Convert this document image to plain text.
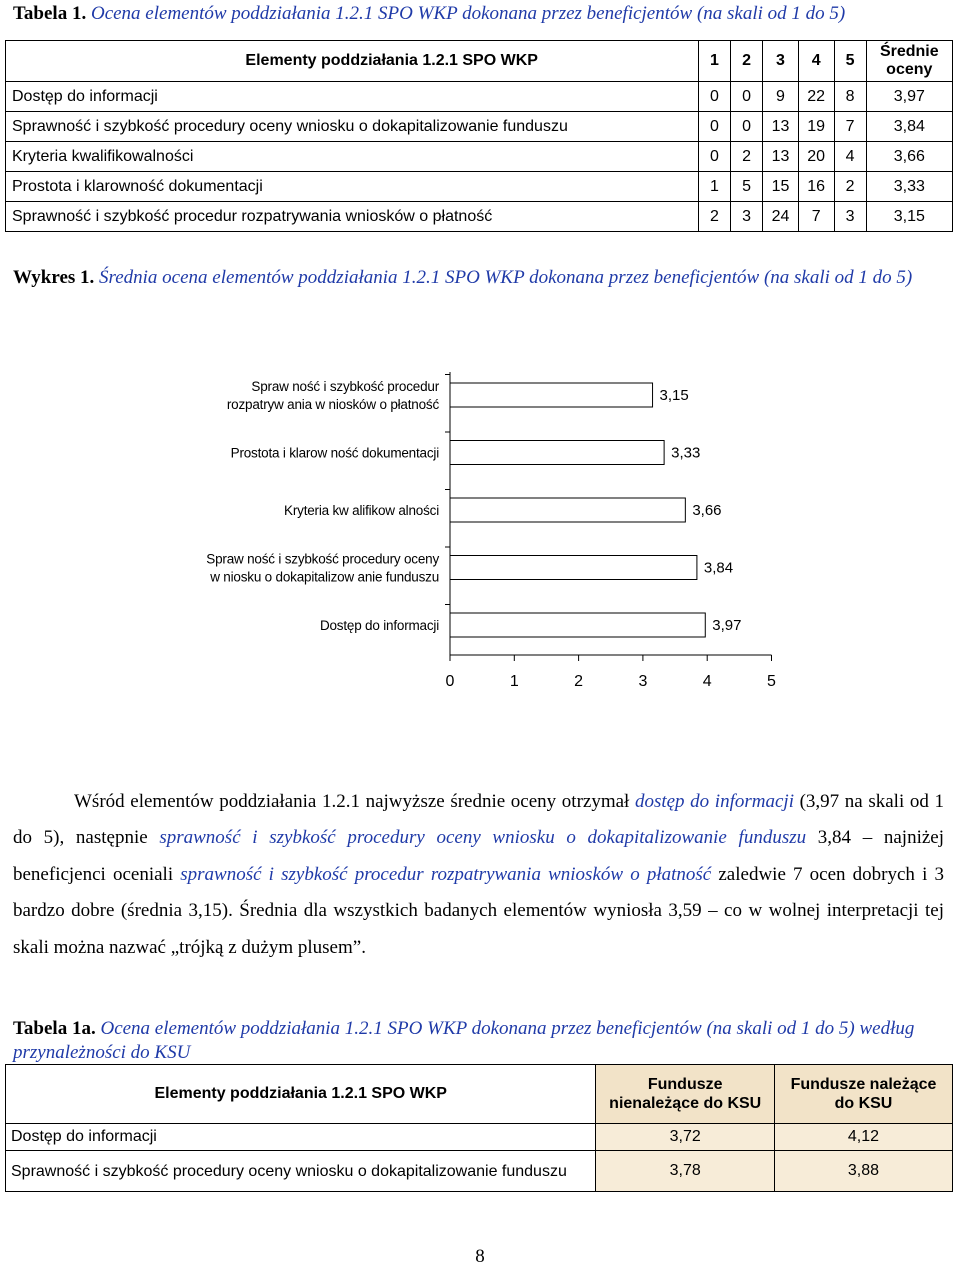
Tabela 1. Ocena elementów poddziałania 1.2.1 SPO WKP dokonana przez beneficjentów (na skali od 1 do 5)
Elementy poddziałania 1.2.1 SPO WKP	1	2	3	4	5	Średnie oceny
Dostęp do informacji	0	0	9	22	8	3,97
Sprawność i szybkość procedury oceny wniosku o dokapitalizowanie funduszu	0	0	13	19	7	3,84
Kryteria kwalifikowalności	0	2	13	20	4	3,66
Prostota i klarowność dokumentacji	1	5	15	16	2	3,33
Sprawność i szybkość procedur rozpatrywania wniosków o płatność	2	3	24	7	3	3,15
Wykres 1. Średnia ocena elementów poddziałania 1.2.1 SPO WKP dokonana przez beneficjentów (na skali od 1 do 5)
3,15
Spraw ność i szybkość procedur
rozpatryw ania w niosków o płatność
3,33
Prostota i klarow ność dokumentacji
3,66
Kryteria kw alifikow alności
3,84
Spraw ność i szybkość procedury oceny
w niosku o dokapitalizow anie funduszu
3,97
Dostęp do informacji
0	1	2	3	4	5
Wśród elementów poddziałania 1.2.1 najwyższe średnie oceny otrzymał dostęp do informacji (3,97 na skali od 1 do 5), następnie sprawność i szybkość procedury oceny wniosku o dokapitalizowanie funduszu 3,84 – najniżej beneficjenci oceniali sprawność i szybkość procedur rozpatrywania wniosków o płatność zaledwie 7 ocen dobrych i 3 bardzo dobre (średnia 3,15). Średnia dla wszystkich badanych elementów wyniosła 3,59 – co w wolnej interpretacji tej skali można nazwać „trójką z dużym plusem”.
Tabela 1a. Ocena elementów poddziałania 1.2.1 SPO WKP dokonana przez beneficjentów (na skali od 1 do 5) według przynależności do KSU
Elementy poddziałania 1.2.1 SPO WKP	Fundusze nienależące do KSU	Fundusze należące do KSU
Dostęp do informacji	3,72	4,12
Sprawność i szybkość procedury oceny wniosku o dokapitalizowanie funduszu	3,78	3,88
8
